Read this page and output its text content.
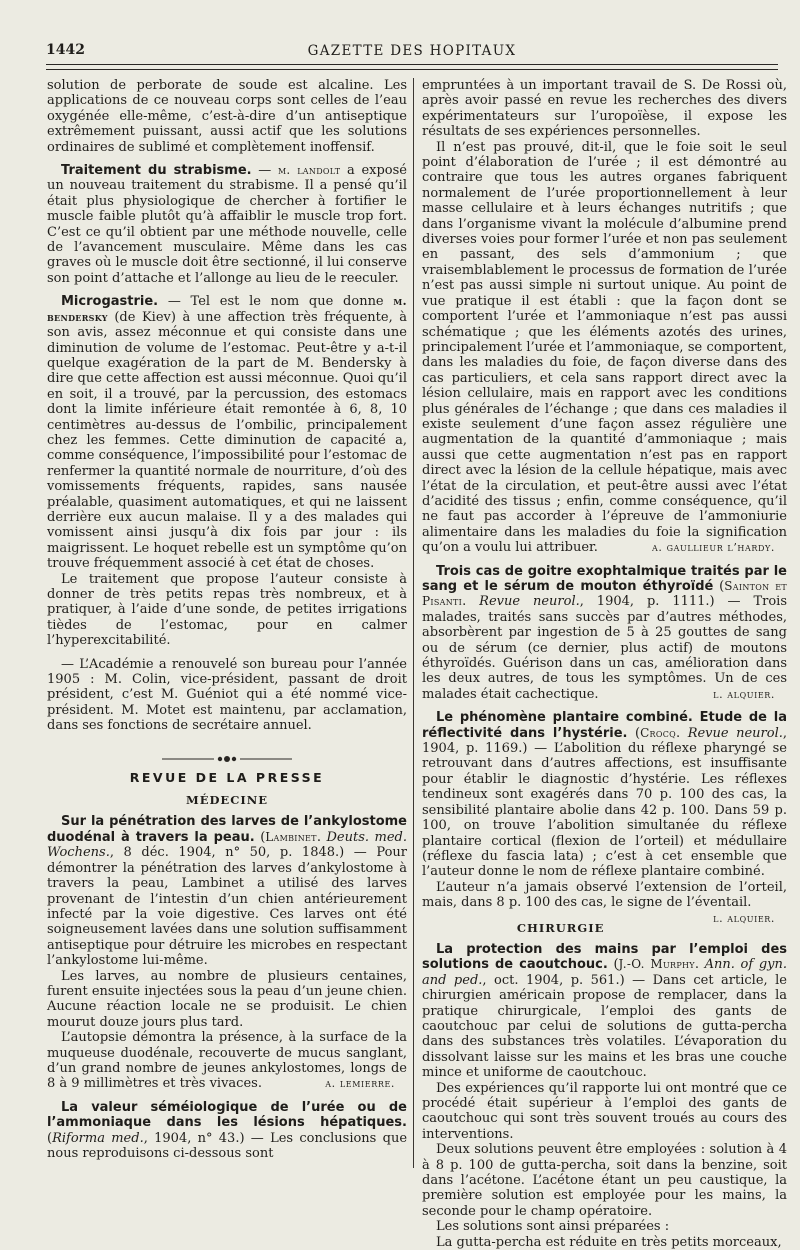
1442	GAZETTE DES HOPITAUX

solution de perborate de soude est alcaline. Les applications de ce nouveau corps sont celles de l’eau oxygénée elle-même, c’est-à-dire d’un antiseptique extrêmement puissant, aussi actif que les solutions ordinaires de sublimé et complètement inoffensif.

Traitement du strabisme. — m. landolt a exposé un nouveau traitement du strabisme. Il a pensé qu’il était plus physiologique de chercher à fortifier le muscle faible plutôt qu’à affaiblir le muscle trop fort. C’est ce qu’il obtient par une méthode nouvelle, celle de l’avancement musculaire. Même dans les cas graves où le muscle doit être sectionné, il lui conserve son point d’attache et l’allonge au lieu de le reeculer.

Microgastrie. — Tel est le nom que donne m. bendersky (de Kiev) à une affection très fréquente, à son avis, assez méconnue et qui consiste dans une diminution de volume de l’estomac. Peut-être y a-t-il quelque exagération de la part de M. Bendersky à dire que cette affection est aussi méconnue. Quoi qu’il en soit, il a trouvé, par la percussion, des estomacs dont la limite inférieure était remontée à 6, 8, 10 centimètres au-dessus de l’ombilic, principalement chez les femmes. Cette diminution de capacité a, comme conséquence, l’impossibilité pour l’estomac de renfermer la quantité normale de nourriture, d’où des vomissements fréquents, rapides, sans nausée préalable, quasiment automatiques, et qui ne laissent derrière eux aucun malaise. Il y a des malades qui vomissent ainsi jusqu’à dix fois par jour : ils maigrissent. Le hoquet rebelle est un symptôme qu’on trouve fréquemment associé à cet état de choses.

Le traitement que propose l’auteur consiste à donner de très petits repas très nombreux, et à pratiquer, à l’aide d’une sonde, de petites irrigations tièdes de l’estomac, pour en calmer l’hyperexcitabilité.

— L’Académie a renouvelé son bureau pour l’année 1905 : M. Colin, vice-président, passant de droit président, c’est M. Guéniot qui a été nommé vice-président. M. Motet est maintenu, par acclamation, dans ses fonctions de secrétaire annuel.

REVUE DE LA PRESSE
MÉDECINE

Sur la pénétration des larves de l’ankylostome duodénal à travers la peau. (Lambinet. Deuts. med. Wochens., 8 déc. 1904, n° 50, p. 1848.) — Pour démontrer la pénétration des larves d’ankylostome à travers la peau, Lambinet a utilisé des larves provenant de l’intestin d’un chien antérieurement infecté par la voie digestive. Ces larves ont été soigneusement lavées dans une solution suffisamment antiseptique pour détruire les microbes en respectant l’ankylostome lui-même.

Les larves, au nombre de plusieurs centaines, furent ensuite injectées sous la peau d’un jeune chien. Aucune réaction locale ne se produisit. Le chien mourut douze jours plus tard.

L’autopsie démontra la présence, à la surface de la muqueuse duodénale, recouverte de mucus sanglant, d’un grand nombre de jeunes ankylostomes, longs de 8 à 9 millimètres et très vivaces.	a. lemierre.

La valeur séméiologique de l’urée ou de l’ammoniaque dans les lésions hépatiques. (Riforma med., 1904, n° 43.) — Les conclusions que nous reproduisons ci-dessous sont

empruntées à un important travail de S. De Rossi où, après avoir passé en revue les recherches des divers expérimentateurs sur l’uropoïèse, il expose les résultats de ses expériences personnelles.

Il n’est pas prouvé, dit-il, que le foie soit le seul point d’élaboration de l’urée ; il est démontré au contraire que tous les autres organes fabriquent normalement de l’urée proportionnellement à leur masse cellulaire et à leurs échanges nutritifs ; que dans l’organisme vivant la molécule d’albumine prend diverses voies pour former l’urée et non pas seulement en passant, des sels d’ammonium ; que vraisemblablement le processus de formation de l’urée n’est pas aussi simple ni surtout unique. Au point de vue pratique il est établi : que la façon dont se comportent l’urée et l’ammoniaque n’est pas aussi schématique ; que les éléments azotés des urines, principalement l’urée et l’ammoniaque, se comportent, dans les maladies du foie, de façon diverse dans des cas particuliers, et cela sans rapport direct avec la lésion cellulaire, mais en rapport avec les conditions plus générales de l’échange ; que dans ces maladies il existe seulement d’une façon assez régulière une augmentation de la quantité d’ammoniaque ; mais aussi que cette augmentation n’est pas en rapport direct avec la lésion de la cellule hépatique, mais avec l’état de la circulation, et peut-être aussi avec l’état d’acidité des tissus ; enfin, comme conséquence, qu’il ne faut pas accorder à l’épreuve de l’ammoniurie alimentaire dans les maladies du foie la signification qu’on a voulu lui attribuer.	a. gaullieur l’hardy.

Trois cas de goitre exophtalmique traités par le sang et le sérum de mouton éthyroïdé (Sainton et Pisanti. Revue neurol., 1904, p. 1111.) — Trois malades, traités sans succès par d’autres méthodes, absorbèrent par ingestion de 5 à 25 gouttes de sang ou de sérum (ce dernier, plus actif) de moutons éthyroïdés. Guérison dans un cas, amélioration dans les deux autres, de tous les symptômes. Un de ces malades était cachectique.	l. alquier.

Le phénomène plantaire combiné. Etude de la réflectivité dans l’hystérie. (Crocq. Revue neurol., 1904, p. 1169.) — L’abolition du réflexe pharyngé se retrouvant dans d’autres affections, est insuffisante pour établir le diagnostic d’hystérie. Les réflexes tendineux sont exagérés dans 70 p. 100 des cas, la sensibilité plantaire abolie dans 42 p. 100. Dans 59 p. 100, on trouve l’abolition simultanée du réflexe plantaire cortical (flexion de l’orteil) et médullaire (réflexe du fascia lata) ; c’est à cet ensemble que l’auteur donne le nom de réflexe plantaire combiné.

L’auteur n’a jamais observé l’extension de l’orteil, mais, dans 8 p. 100 des cas, le signe de l’éventail.
l. alquier.

CHIRURGIE

La protection des mains par l’emploi des solutions de caoutchouc. (J.-O. Murphy. Ann. of gyn. and ped., oct. 1904, p. 561.) — Dans cet article, le chirurgien américain propose de remplacer, dans la pratique chirurgicale, l’emploi des gants de caoutchouc par celui de solutions de gutta-percha dans des substances très volatiles. L’évaporation du dissolvant laisse sur les mains et les bras une couche mince et uniforme de caoutchouc.

Des expériences qu’il rapporte lui ont montré que ce procédé était supérieur à l’emploi des gants de caoutchouc qui sont très souvent troués au cours des interventions.

Deux solutions peuvent être employées : solution à 4 à 8 p. 100 de gutta-percha, soit dans la benzine, soit dans l’acétone. L’acétone étant un peu caustique, la première solution est employée pour les mains, la seconde pour le champ opératoire.

Les solutions sont ainsi préparées :

La gutta-percha est réduite en très petits morceaux,
